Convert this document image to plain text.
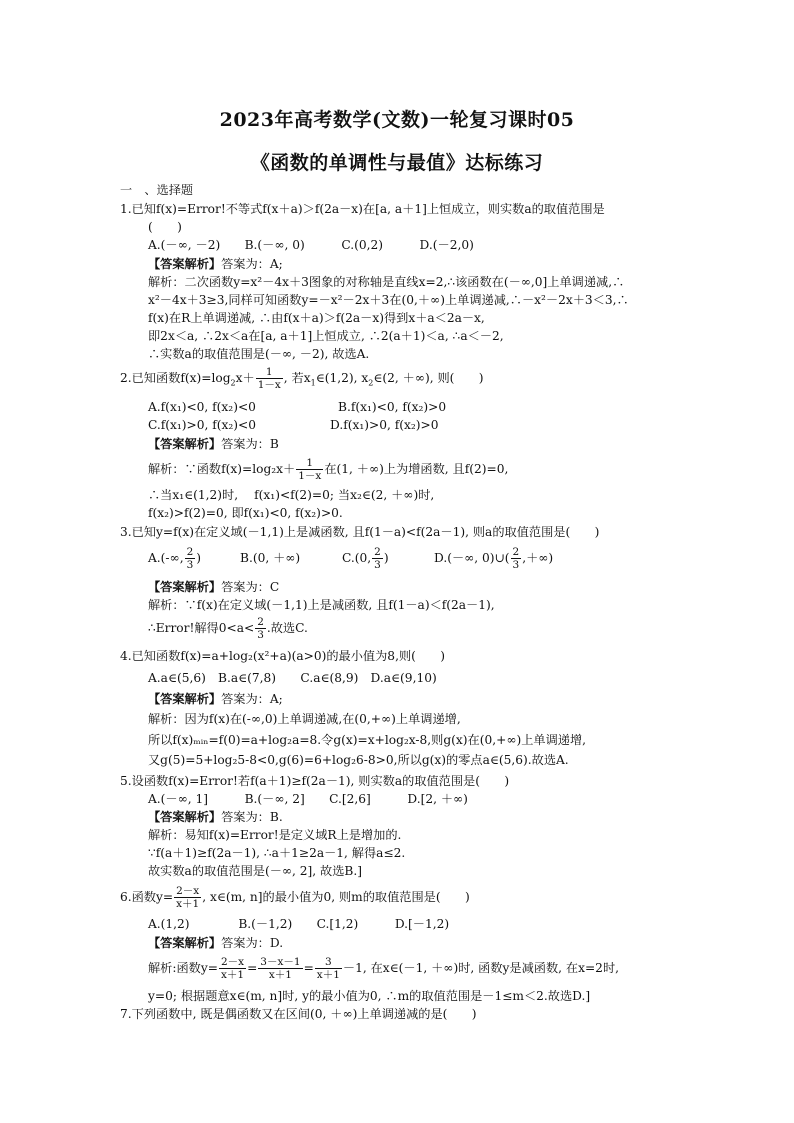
2023年高考数学(文数)一轮复习课时05
《函数的单调性与最值》达标练习
一　、选择题
1.已知f(x)=Error!不等式f(x＋a)＞f(2a－x)在[a, a＋1]上恒成立，则实数a的取值范围是
(　　)
A.(－∞, －2)　　B.(－∞, 0)　　　C.(0,2)　　　D.(－2,0)
【答案解析】答案为：A;
解析：二次函数y=x²－4x＋3图象的对称轴是直线x=2,∴该函数在(－∞,0]上单调递减,∴
x²－4x＋3≥3,同样可知函数y=－x²－2x＋3在(0,＋∞)上单调递减,∴－x²－2x＋3＜3,∴
f(x)在R上单调递减, ∴由f(x＋a)＞f(2a－x)得到x＋a＜2a－x,
即2x＜a, ∴2x＜a在[a, a＋1]上恒成立, ∴2(a＋1)＜a, ∴a＜－2,
∴实数a的取值范围是(－∞, －2), 故选A.
2.已知函数$f(x)=\log_2x+ \frac{1}{1-x}$ , 若$x_1\in(1,2)$, $x_2\in(2$, ＋∞), 则(　　)
A.f(x₁)<0, f(x₂)<0	B.f(x₁)<0, f(x₂)>0
C.f(x₁)>0, f(x₂)<0	D.f(x₁)>0, f(x₂)>0
【答案解析】答案为：B
解析：∵函数$f(x)=\log_2x+ \frac{1}{1-x}$ 在(1, ＋∞)上为增函数, 且f(2)=0,
∴当x₁∈(1,2)时, 　f(x₁)<f(2)=0; 当x₂∈(2, ＋∞)时,
f(x₂)>f(2)=0, 即f(x₁)<0, f(x₂)>0.
3.已知y=f(x)在定义域(－1,1)上是减函数, 且f(1－a)<f(2a－1), 则a的取值范围是(　　)
A.(-∞, $\frac{2}{3}$ )	B.(0, ＋∞)	C.(0, $\frac{2}{3}$ )	D.(－∞, 0)∪( $\frac{2}{3}$ ,＋∞)
【答案解析】答案为：C
解析：∵f(x)在定义域(－1,1)上是减函数, 且f(1－a)＜f(2a－1),
∴Error!解得$0<a< \frac{2}{3}$ .故选C.
4.已知函数f(x)=a+log₂(x²+a)(a>0)的最小值为8,则(　　)
A.a∈(5,6)　B.a∈(7,8)　　C.a∈(8,9)　D.a∈(9,10)
【答案解析】答案为：A;
解析：因为f(x)在(-∞,0)上单调递减,在(0,+∞)上单调递增,
所以f(x)ₘᵢₙ=f(0)=a+log₂a=8.令g(x)=x+log₂x-8,则g(x)在(0,+∞)上单调递增,
又g(5)=5+log₂5-8<0,g(6)=6+log₂6-8>0,所以g(x)的零点a∈(5,6).故选A.
5.设函数f(x)=Error!若f(a＋1)≥f(2a－1), 则实数a的取值范围是(　　)
A.(－∞, 1]　　　B.(－∞, 2]　　C.[2,6]　　　D.[2, ＋∞)
【答案解析】答案为：B.
解析：易知f(x)=Error!是定义域R上是增加的.
∵f(a＋1)≥f(2a－1), ∴a＋1≥2a－1, 解得a≤2.
故实数a的取值范围是(－∞, 2], 故选B.]
6.函数$y= \frac{2-x}{x+1}$ , x∈(m, n]的最小值为0, 则m的取值范围是(　　)
A.(1,2)　　　　B.(－1,2)　　C.[1,2)　　　D.[－1,2)
【答案解析】答案为：D.
解析:函数$y= \frac{2-x}{x+1} = \frac{3-x-1}{x+1} = \frac{3}{x+1} -1$, 在x∈(－1, ＋∞)时, 函数y是减函数, 在x=2时,
y=0; 根据题意x∈(m, n]时, y的最小值为0, ∴m的取值范围是－1≤m＜2.故选D.]
7.下列函数中, 既是偶函数又在区间(0, ＋∞)上单调递减的是(　　)
